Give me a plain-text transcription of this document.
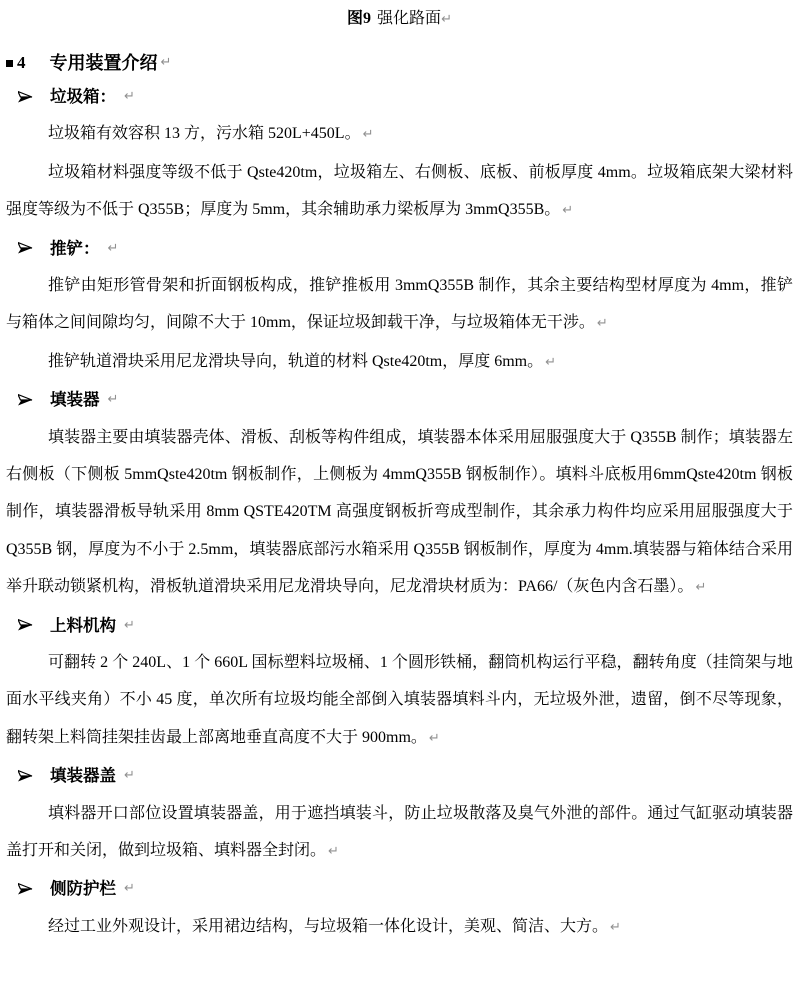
图9 强化路面↵
4 专用装置介绍 ↵
垃圾箱： ↵

垃圾箱有效容积 13 方，污水箱 520L+450L。 ↵

垃圾箱材料强度等级不低于 Qste420tm，垃圾箱左、右侧板、底板、前板厚度 4mm。垃圾箱底架大梁材料强度等级为不低于 Q355B；厚度为 5mm，其余辅助承力梁板厚为 3mmQ355B。 ↵

推铲： ↵

推铲由矩形管骨架和折面钢板构成，推铲推板用 3mmQ355B 制作，其余主要结构型材厚度为 4mm，推铲与箱体之间间隙均匀，间隙不大于 10mm，保证垃圾卸载干净，与垃圾箱体无干涉。 ↵

推铲轨道滑块采用尼龙滑块导向，轨道的材料 Qste420tm，厚度 6mm。 ↵

填装器 ↵

填装器主要由填装器壳体、滑板、刮板等构件组成，填装器本体采用屈服强度大于 Q355B 制作；填装器左右侧板（下侧板 5mmQste420tm 钢板制作，上侧板为 4mmQ355B 钢板制作）。填料斗底板用6mmQste420tm 钢板制作，填装器滑板导轨采用 8mm QSTE420TM 高强度钢板折弯成型制作，其余承力构件均应采用屈服强度大于 Q355B 钢，厚度为不小于 2.5mm，填装器底部污水箱采用 Q355B 钢板制作，厚度为 4mm.填装器与箱体结合采用举升联动锁紧机构，滑板轨道滑块采用尼龙滑块导向，尼龙滑块材质为：PA66/（灰色内含石墨）。 ↵

上料机构 ↵

可翻转 2 个 240L、1 个 660L 国标塑料垃圾桶、1 个圆形铁桶，翻筒机构运行平稳，翻转角度（挂筒架与地面水平线夹角）不小 45 度，单次所有垃圾均能全部倒入填装器填料斗内，无垃圾外泄，遗留，倒不尽等现象，翻转架上料筒挂架挂齿最上部离地垂直高度不大于 900mm。 ↵

填装器盖 ↵

填料器开口部位设置填装器盖，用于遮挡填装斗，防止垃圾散落及臭气外泄的部件。通过气缸驱动填装器盖打开和关闭，做到垃圾箱、填料器全封闭。 ↵

侧防护栏 ↵

经过工业外观设计，采用裙边结构，与垃圾箱一体化设计，美观、简洁、大方。 ↵
